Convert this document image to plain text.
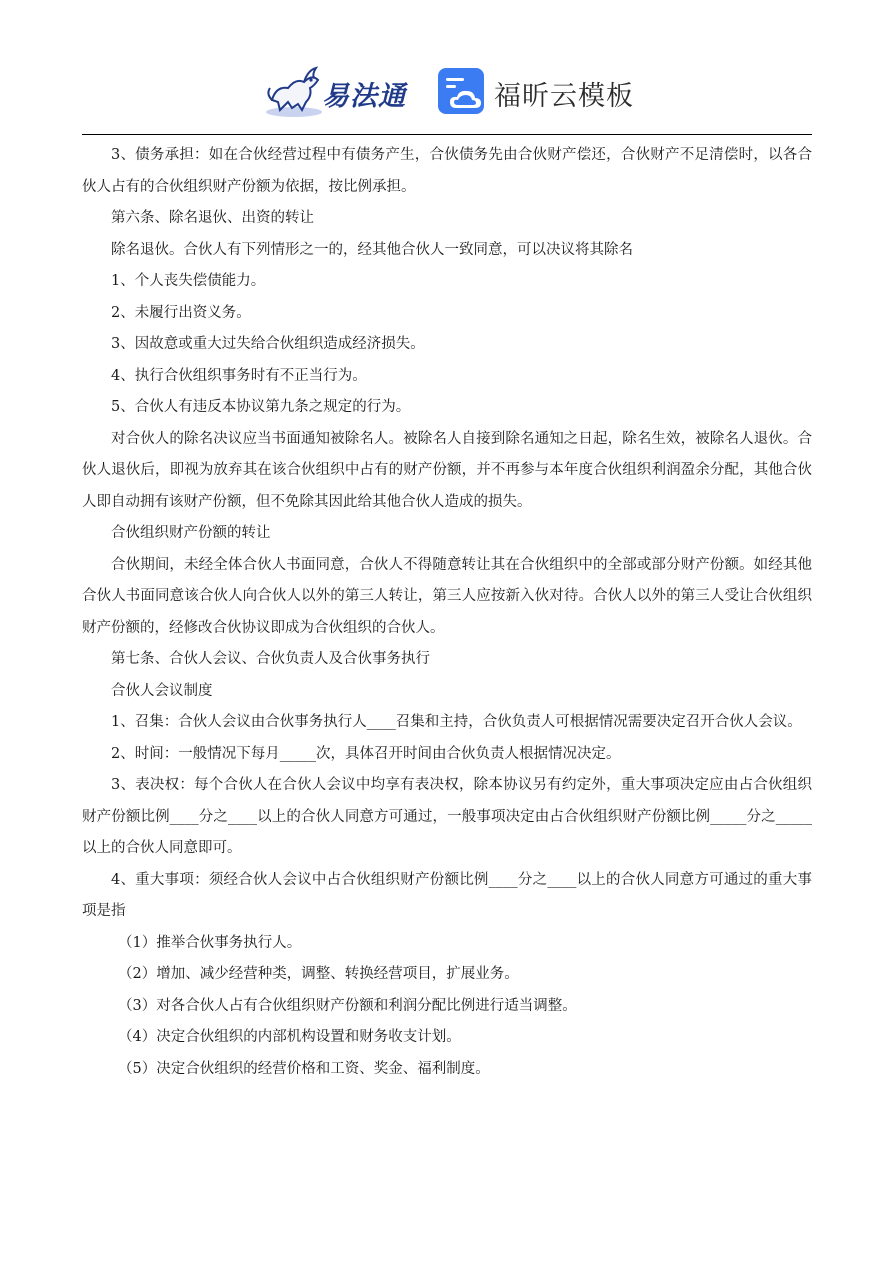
易法通	福昕云模板

3、债务承担：如在合伙经营过程中有债务产生，合伙债务先由合伙财产偿还，合伙财产不足清偿时，以各合伙人占有的合伙组织财产份额为依据，按比例承担。

第六条、除名退伙、出资的转让

除名退伙。合伙人有下列情形之一的，经其他合伙人一致同意，可以决议将其除名

1、个人丧失偿债能力。

2、未履行出资义务。

3、因故意或重大过失给合伙组织造成经济损失。

4、执行合伙组织事务时有不正当行为。

5、合伙人有违反本协议第九条之规定的行为。

对合伙人的除名决议应当书面通知被除名人。被除名人自接到除名通知之日起，除名生效，被除名人退伙。合伙人退伙后，即视为放弃其在该合伙组织中占有的财产份额，并不再参与本年度合伙组织利润盈余分配，其他合伙人即自动拥有该财产份额，但不免除其因此给其他合伙人造成的损失。

合伙组织财产份额的转让

合伙期间，未经全体合伙人书面同意，合伙人不得随意转让其在合伙组织中的全部或部分财产份额。如经其他合伙人书面同意该合伙人向合伙人以外的第三人转让，第三人应按新入伙对待。合伙人以外的第三人受让合伙组织财产份额的，经修改合伙协议即成为合伙组织的合伙人。

第七条、合伙人会议、合伙负责人及合伙事务执行

合伙人会议制度

1、召集：合伙人会议由合伙事务执行人____召集和主持，合伙负责人可根据情况需要决定召开合伙人会议。

2、时间：一般情况下每月_____次，具体召开时间由合伙负责人根据情况决定。

3、表决权：每个合伙人在合伙人会议中均享有表决权，除本协议另有约定外，重大事项决定应由占合伙组织财产份额比例____分之____以上的合伙人同意方可通过，一般事项决定由占合伙组织财产份额比例_____分之_____以上的合伙人同意即可。

4、重大事项：须经合伙人会议中占合伙组织财产份额比例____分之____以上的合伙人同意方可通过的重大事项是指

（1）推举合伙事务执行人。

（2）增加、减少经营种类，调整、转换经营项目，扩展业务。

（3）对各合伙人占有合伙组织财产份额和利润分配比例进行适当调整。

（4）决定合伙组织的内部机构设置和财务收支计划。

（5）决定合伙组织的经营价格和工资、奖金、福利制度。
